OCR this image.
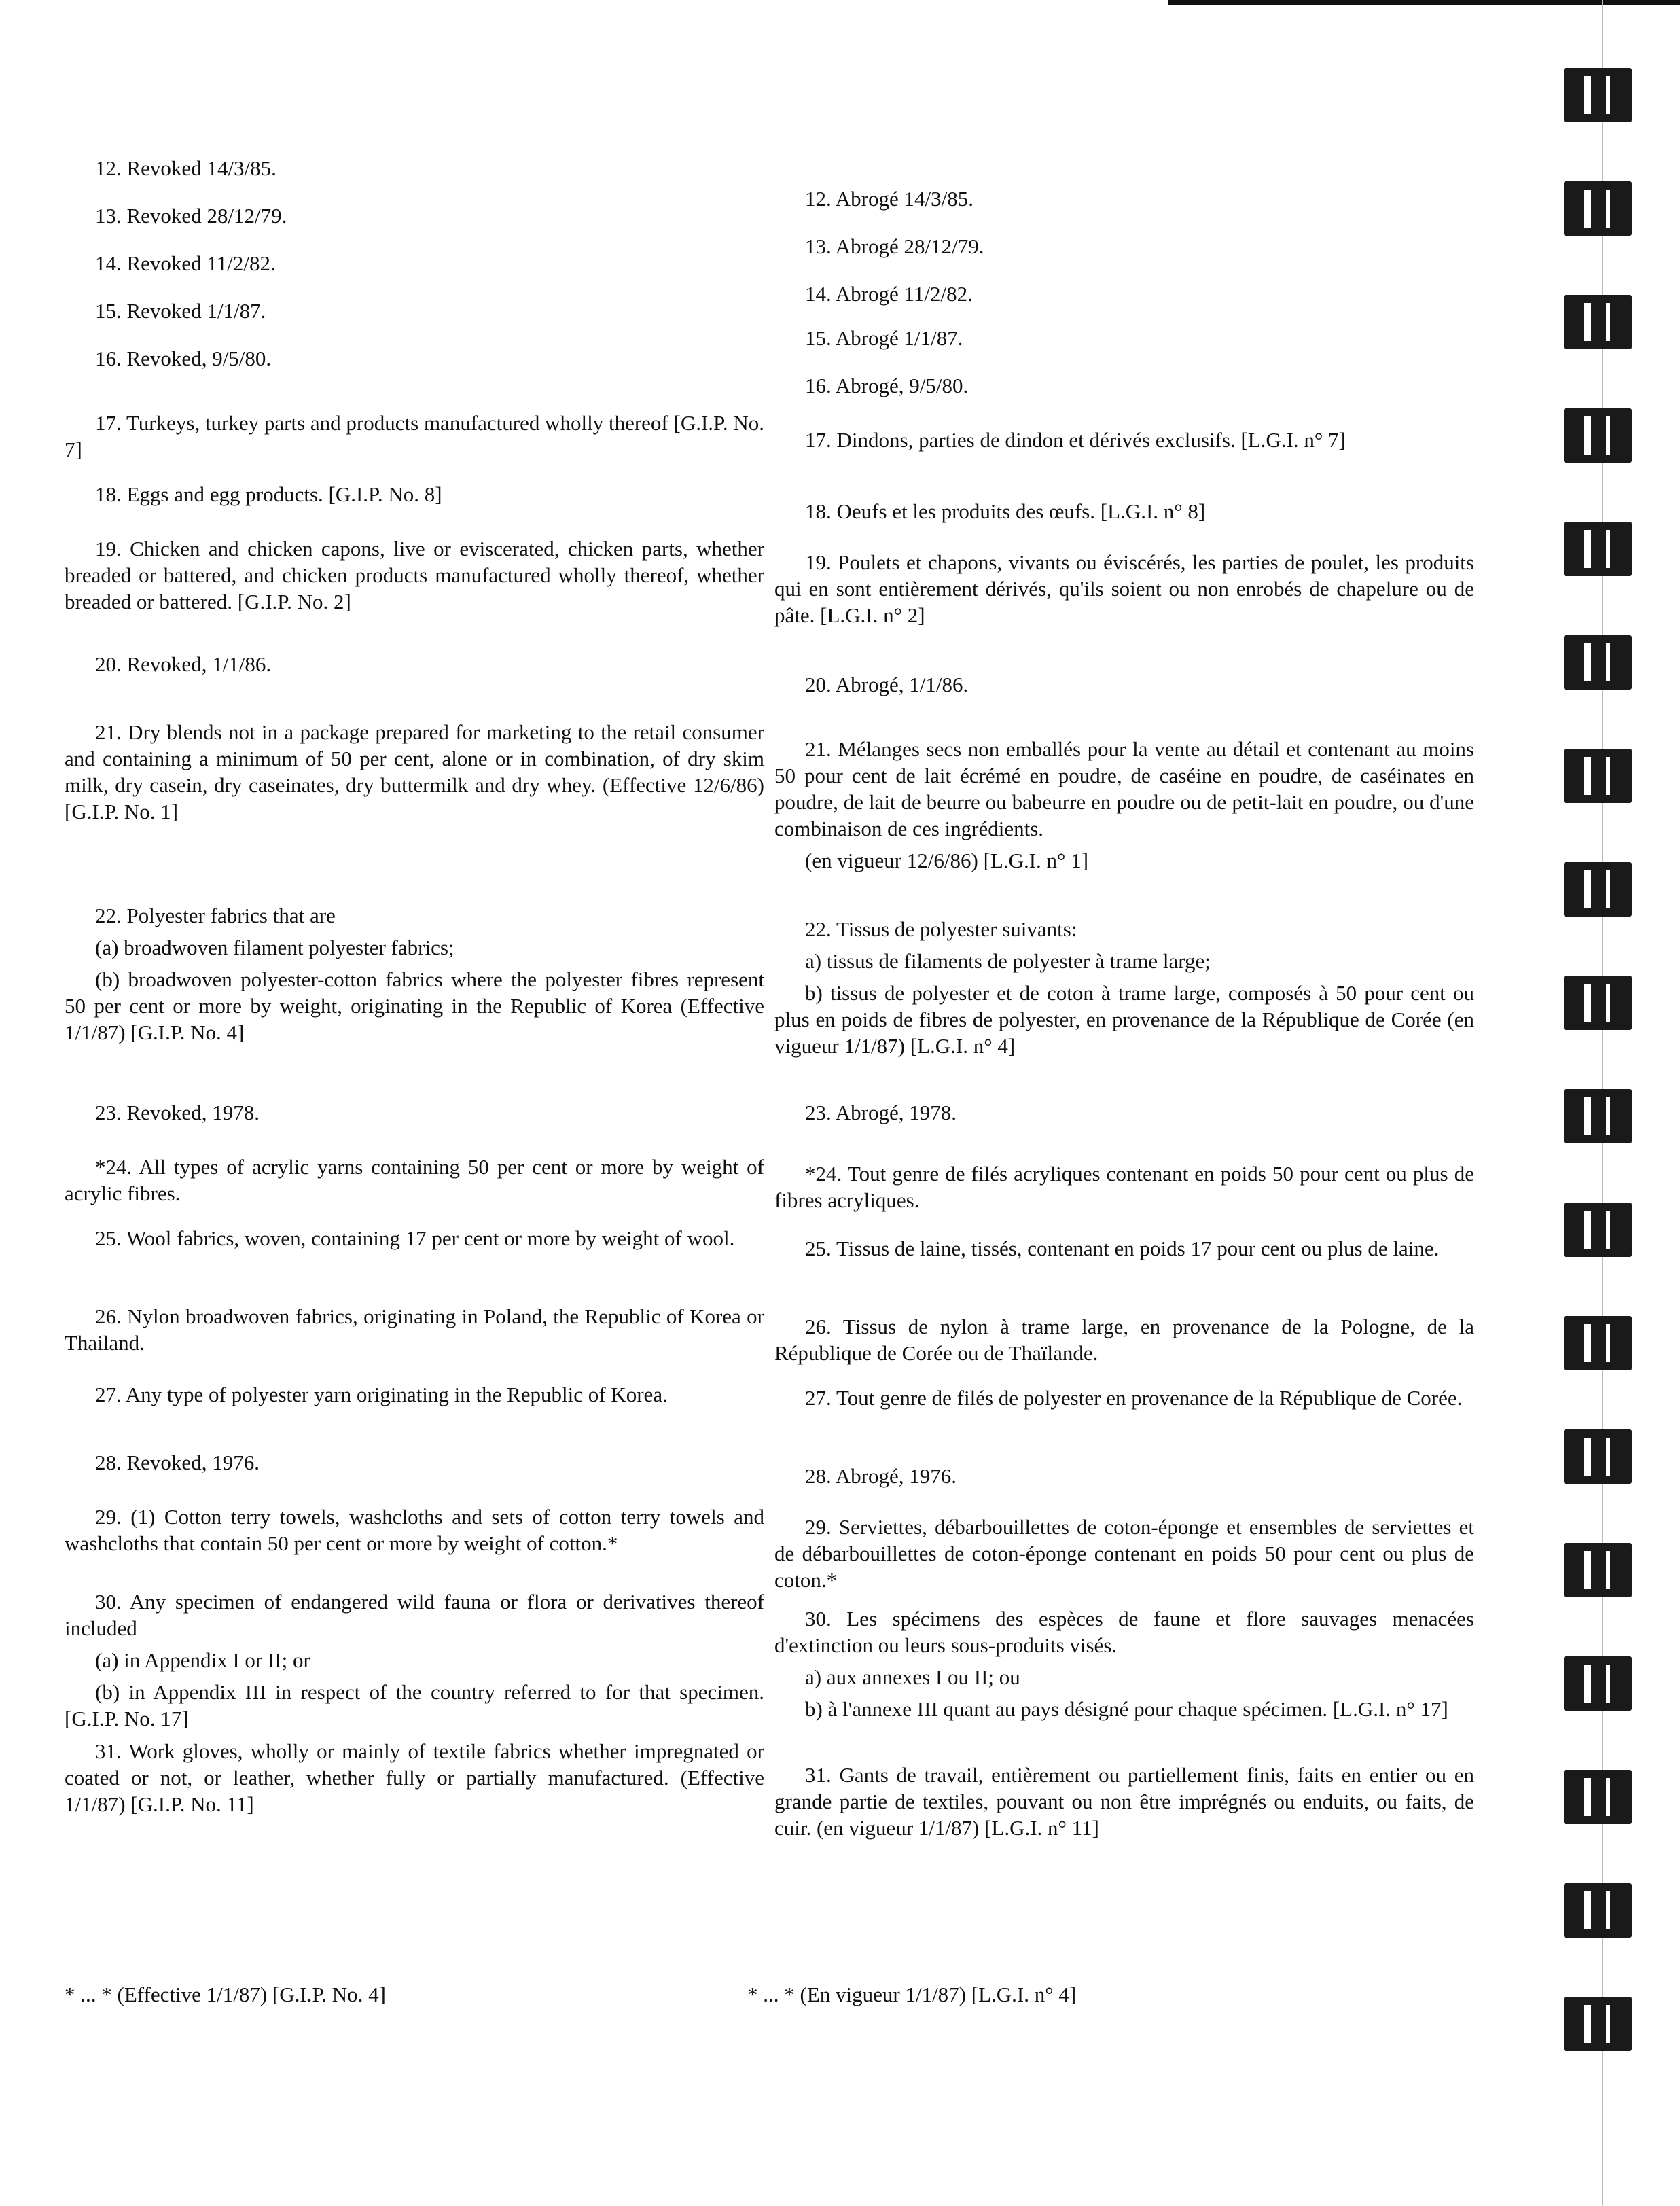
12. Revoked 14/3/85.

13. Revoked 28/12/79.

14. Revoked 11/2/82.

15. Revoked 1/1/87.

16. Revoked, 9/5/80.

17. Turkeys, turkey parts and products manufactured wholly thereof [G.I.P. No. 7]

18. Eggs and egg products. [G.I.P. No. 8]

19. Chicken and chicken capons, live or eviscerated, chicken parts, whether breaded or battered, and chicken products manufactured wholly thereof, whether breaded or battered. [G.I.P. No. 2]

20. Revoked, 1/1/86.

21. Dry blends not in a package prepared for marketing to the retail consumer and containing a minimum of 50 per cent, alone or in combination, of dry skim milk, dry casein, dry caseinates, dry buttermilk and dry whey. (Effective 12/6/86) [G.I.P. No. 1]

22. Polyester fabrics that are

(a) broadwoven filament polyester fabrics;

(b) broadwoven polyester-cotton fabrics where the polyester fibres represent 50 per cent or more by weight, originating in the Republic of Korea (Effective 1/1/87) [G.I.P. No. 4]

23. Revoked, 1978.

*24. All types of acrylic yarns containing 50 per cent or more by weight of acrylic fibres.

25. Wool fabrics, woven, containing 17 per cent or more by weight of wool.

26. Nylon broadwoven fabrics, originating in Poland, the Republic of Korea or Thailand.

27. Any type of polyester yarn originating in the Republic of Korea.

28. Revoked, 1976.

29. (1) Cotton terry towels, washcloths and sets of cotton terry towels and washcloths that contain 50 per cent or more by weight of cotton.*

30. Any specimen of endangered wild fauna or flora or derivatives thereof included

(a) in Appendix I or II; or

(b) in Appendix III in respect of the country referred to for that specimen. [G.I.P. No. 17]

31. Work gloves, wholly or mainly of textile fabrics whether impregnated or coated or not, or leather, whether fully or partially manufactured. (Effective 1/1/87) [G.I.P. No. 11]

12. Abrogé 14/3/85.

13. Abrogé 28/12/79.

14. Abrogé 11/2/82.

15. Abrogé 1/1/87.

16. Abrogé, 9/5/80.

17. Dindons, parties de dindon et dérivés exclusifs. [L.G.I. n° 7]

18. Oeufs et les produits des œufs. [L.G.I. n° 8]

19. Poulets et chapons, vivants ou éviscérés, les parties de poulet, les produits qui en sont entièrement dérivés, qu'ils soient ou non enrobés de chapelure ou de pâte. [L.G.I. n° 2]

20. Abrogé, 1/1/86.

21. Mélanges secs non emballés pour la vente au détail et contenant au moins 50 pour cent de lait écrémé en poudre, de caséine en poudre, de caséinates en poudre, de lait de beurre ou babeurre en poudre ou de petit-lait en poudre, ou d'une combinaison de ces ingrédients.

(en vigueur 12/6/86) [L.G.I. n° 1]

22. Tissus de polyester suivants:

a) tissus de filaments de polyester à trame large;

b) tissus de polyester et de coton à trame large, composés à 50 pour cent ou plus en poids de fibres de polyester, en provenance de la République de Corée (en vigueur 1/1/87) [L.G.I. n° 4]

23. Abrogé, 1978.

*24. Tout genre de filés acryliques contenant en poids 50 pour cent ou plus de fibres acryliques.

25. Tissus de laine, tissés, contenant en poids 17 pour cent ou plus de laine.

26. Tissus de nylon à trame large, en provenance de la Pologne, de la République de Corée ou de Thaïlande.

27. Tout genre de filés de polyester en provenance de la République de Corée.

28. Abrogé, 1976.

29. Serviettes, débarbouillettes de coton-éponge et ensembles de serviettes et de débarbouillettes de coton-éponge contenant en poids 50 pour cent ou plus de coton.*

30. Les spécimens des espèces de faune et flore sauvages menacées d'extinction ou leurs sous-produits visés.

a) aux annexes I ou II; ou

b) à l'annexe III quant au pays désigné pour chaque spécimen. [L.G.I. n° 17]

31. Gants de travail, entièrement ou partiellement finis, faits en entier ou en grande partie de textiles, pouvant ou non être imprégnés ou enduits, ou faits, de cuir. (en vigueur 1/1/87) [L.G.I. n° 11]

* ... * (Effective 1/1/87) [G.I.P. No. 4]	* ... * (En vigueur 1/1/87) [L.G.I. n° 4]
